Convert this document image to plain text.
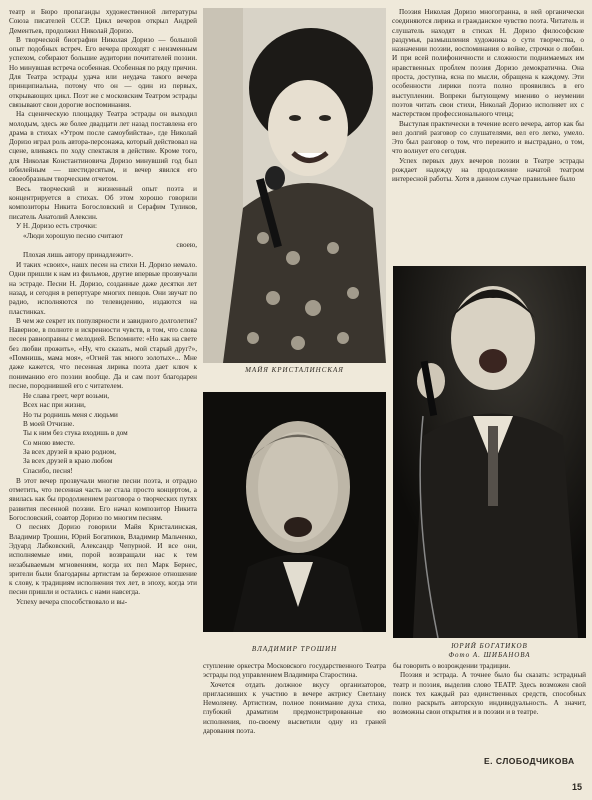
театр и Бюро пропаганды художественной литературы Союза писателей СССР. Цикл вечеров открыл Андрей Дементьев, продолжил Николай Доризо.

В творческой биографии Николая Доризо — большой опыт подобных встреч. Его вечера проходят с неизменным успехом, собирают большие аудитории почитателей поэзии. Но минувшая встреча особенная. Особенная по ряду причин. Для Театра эстрады удача или неудача такого вечера принципиальна, потому что он — один из первых, открывающих цикл. Поэт же с московским Театром эстрады связывают свои дорогие воспоминания.

На сценическую площадку Театра эстрады он выходил молодым, здесь же более двадцати лет назад поставлена его драма в стихах «Утром после самоубийства», где Николай Доризо играл роль автора-персонажа, который действовал на сцене, вливаясь по ходу спектакля в действие. Кроме того, для Николая Константиновича Доризо минувший год был юбилейным — шестидесятым, и вечер явился его своеобразным творческим отчетом.

Весь творческий и жизненный опыт поэта и концентрируется в стихах. Об этом хорошо говорили композиторы Никита Богословский и Серафим Туликов, писатель Анатолий Алексин.

У Н. Доризо есть строчки:

«Люди хорошую песню считают
своею,
Плохая лишь автору принадлежит».

И таких «своих», нашх песен на стихи Н. Доризо немало. Одни пришли к нам из фильмов, другие впервые прозвучали на эстраде. Песни Н. Доризо, созданные даже десятки лет назад, и сегодня в репертуаре многих певцов. Они звучат по радио, исполняются по телевидению, издаются на пластинках.

В чем же секрет их популярности и завидного долголетия? Наверное, в полноте и искренности чувств, в том, что слова песен равноправны с мелодией. Вспомните: «Но как на свете без любви прожить», «Ну, что сказать, мой старый друг?», «Помнишь, мама моя», «Огней так много золотых»... Мне даже кажется, что песенная лирика поэта дает ключ к пониманию его поэзии вообще. Да и сам поэт благодарен песне, породнившей его с читателем.

Не слава греет, черт возьми,
Всех нас при жизни,
Но ты роднишь меня с людьми
В моей Отчизне.
Ты к ним без стука входишь в дом
Со мною вместе.
За всех друзей в краю родном,
За всех друзей в краю любом
Спасибо, песня!

В этот вечер прозвучали многие песни поэта, и отрадно отметить, что песенная часть не стала просто концертом, а явилась как бы продолжением разговора о творческих путях развития песенной поэзии. Его начал композитор Никита Богословский, соавтор Доризо по многим песням.

О песнях Доризо говорили Майя Кристалинская, Владимир Трошин, Юрий Богатиков, Владимир Мальченко, Эдуард Лабковский, Александр Чепурной. И все они, исполняемые ими, порой возвращали нас к тем незабываемым мгновениям, когда их пел Марк Бернес, зрители были благодарны артистам за бережное отношение к слову, к традициям исполнения тех лет, в эпоху, когда эти песни пришли и остались с нами навсегда.

Успеху вечера способствовало и вы-

МАЙЯ КРИСТАЛИНСКАЯ

Поэзия Николая Доризо многогранна, в ней органически соединяются лирика и гражданское чувство поэта. Читатель и слушатель находят в стихах Н. Доризо философские раздумья, размышления художника о сути творчества, о назначении поэзии, воспоминания о войне, строчки о любви. И при всей полифоничности и сложности поднимаемых им нравственных проблем поэзия Доризо демократична. Она проста, доступна, ясна по мысли, обращена к каждому. Эти особенности лирики поэта полно проявились в его выступлении. Вопреки бытующему мнению о неумении поэтов читать свои стихи, Николай Доризо исполняет их с мастерством профессионального чтеца;

Выступая практически в течение всего вечера, автор как бы вел долгий разговор со слушателями, вел его легко, умело. Это был разговор о том, что пережито и выстрадано, о том, что волнует его сегодня.

Успех первых двух вечеров поэзии в Театре эстрады рождает надежду на продолжение начатой театром интересной работы. Хотя в данном случае правильнее было

ВЛАДИМИР ТРОШИН	ЮРИЙ БОГАТИКОВ
Фото А. ШИБАНОВА

ступление оркестра Московского государственного Театра эстрады под управлением Владимира Старостина.

Хочется отдать должное вкусу организаторов, пригласивших к участию в вечере актрису Светлану Немоляеву. Артистизм, полное понимание духа стиха, глубокий драматизм предмонстрированные ею исполнения, по-своему высветили одну из граней дарования поэта.

бы говорить о возрождении традиции.

Поэзия и эстрада. А точнее было бы сказать: эстрадный театр и поэзия, выделив слово ТЕАТР. Здесь возможен свой поиск тех каждый раз единственных средств, способных полно раскрыть авторскую индивидуальность. А значит, возможны свои открытия и в поэзии и в театре.

Е. СЛОБОДЧИКОВА
15
